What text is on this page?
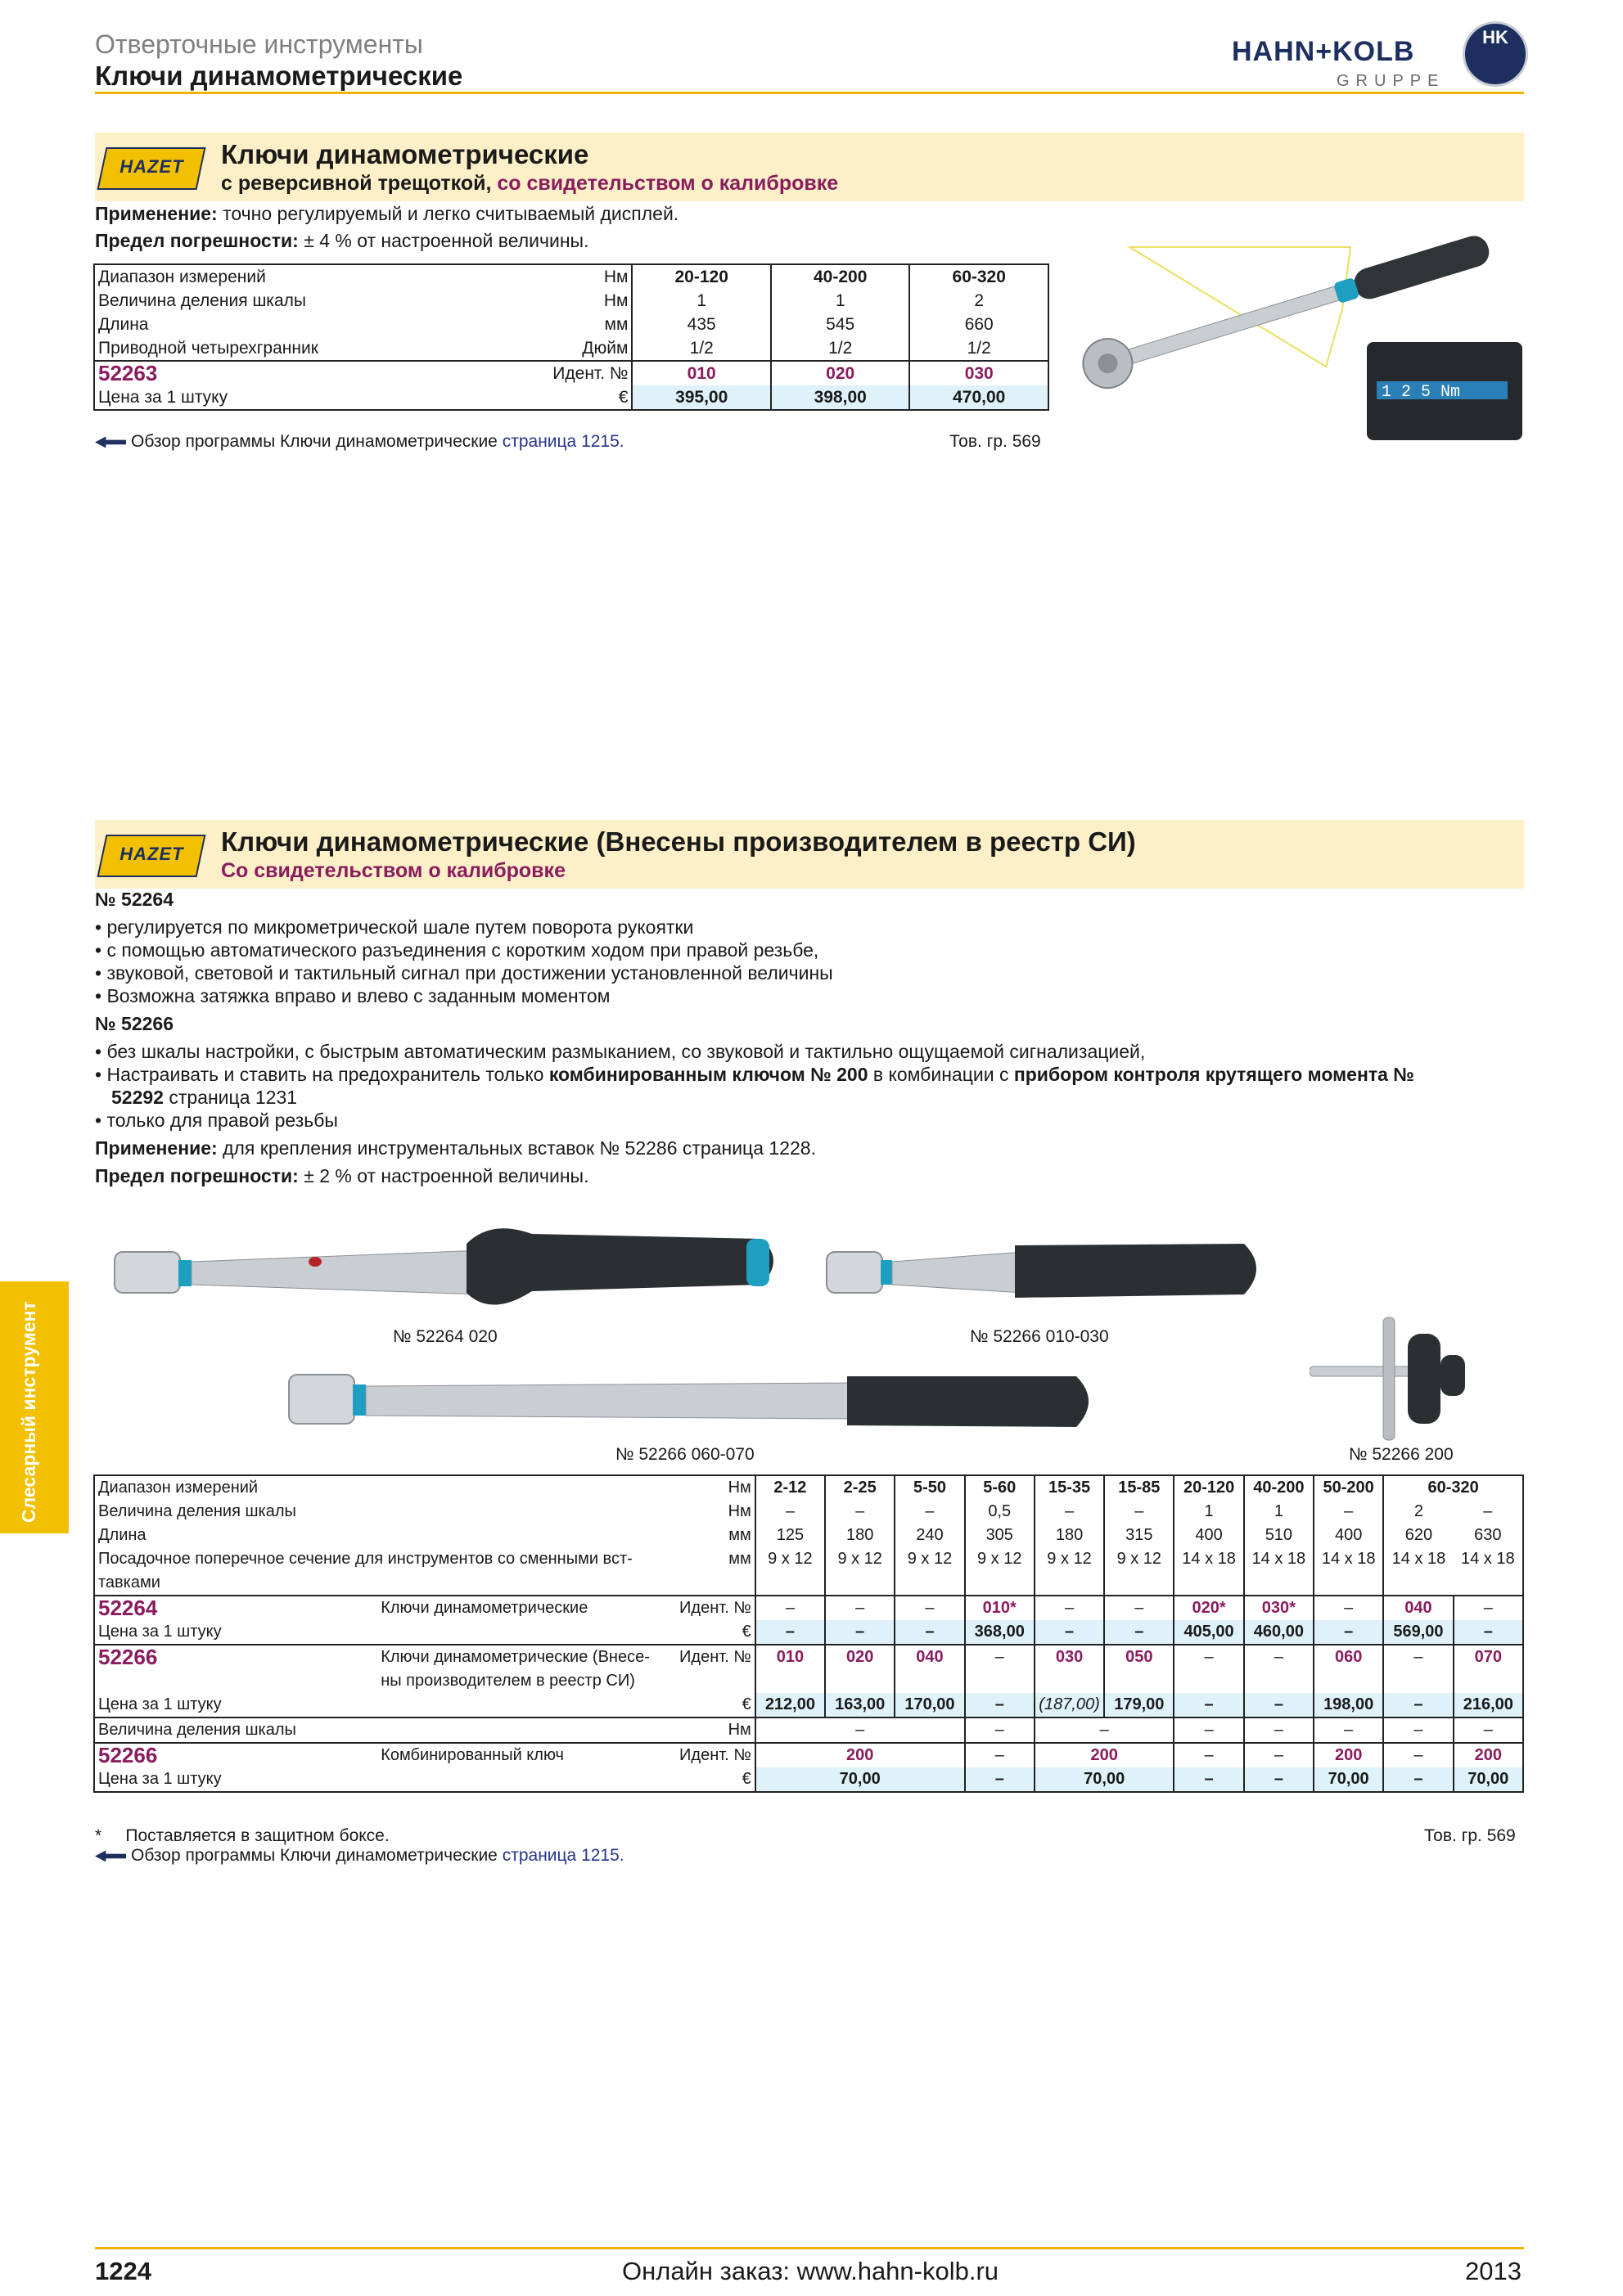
Отверточные инструменты
Ключи динамометрические
HAHN+KOLB
GRUPPE
HK
Слесарный инструмент
HAZET	Ключи динамометрические
с реверсивной трещоткой, со свидетельством о калибровке
Применение: точно регулируемый и легко считываемый дисплей.
Предел погрешности: ± 4 % от настроенной величины.
Диапазон измерений	Нм	20-120	40-200	60-320
Величина деления шкалы	Нм	1	1	2
Длина	мм	435	545	660
Приводной четырехгранник	Дюйм	1/2	1/2	1/2
52263	Идент. №	010	020	030
Цена за 1 штуку	€	395,00	398,00	470,00
Обзор программы Ключи динамометрические страница 1215.	Тов. гр. 569
1 2 5 Nm
HAZET	Ключи динамометрические (Внесены производителем в реестр СИ)
Со свидетельством о калибровке
№ 52264
• регулируется по микрометрической шале путем поворота рукоятки
• с помощью автоматического разъединения с коротким ходом при правой резьбе,
• звуковой, световой и тактильный сигнал при достижении установленной величины
• Возможна затяжка вправо и влево с заданным моментом
№ 52266
• без шкалы настройки, с быстрым автоматическим размыканием, со звуковой и тактильно ощущаемой сигнализацией,
• Настраивать и ставить на предохранитель только комбинированным ключом № 200 в комбинации с прибором контроля крутящего момента №
52292 страница 1231
• только для правой резьбы
Применение: для крепления инструментальных вставок № 52286 страница 1228.
Предел погрешности: ± 2 % от настроенной величины.
№ 52264 020	№ 52266 010-030
№ 52266 060-070	№ 52266 200
Диапазон измерений		Нм	2-12	2-25	5-50	5-60	15-35	15-85	20-120	40-200	50-200	60-320	
Величина деления шкалы		Нм	–	–	–	0,5	–	–	1	1	–	2	–
Длина		мм	125	180	240	305	180	315	400	510	400	620	630
Посадочное поперечное сечение для инструментов со сменными вст-		мм	9 x 12	9 x 12	9 x 12	9 x 12	9 x 12	9 x 12	14 x 18	14 x 18	14 x 18	14 x 18	14 x 18
тавками													
52264	Ключи динамометрические	Идент. №	–	–	–	010*	–	–	020*	030*	–	040	–
Цена за 1 штуку		€	–	–	–	368,00	–	–	405,00	460,00	–	569,00	–
52266	Ключи динамометрические (Внесе-	Идент. №	010	020	040	–	030	050	–	–	060	–	070
	ны производителем в реестр СИ)												
Цена за 1 штуку		€	212,00	163,00	170,00	–	(187,00)	179,00	–	–	198,00	–	216,00
Величина деления шкалы		Нм	–			–	–		–	–	–	–	–
52266	Комбинированный ключ	Идент. №	200			–	200		–	–	200	–	200
Цена за 1 штуку		€	70,00			–	70,00		–	–	70,00	–	70,00
* Поставляется в защитном боксе.	Тов. гр. 569
Обзор программы Ключи динамометрические страница 1215.
1224	Онлайн заказ: www.hahn-kolb.ru	2013
